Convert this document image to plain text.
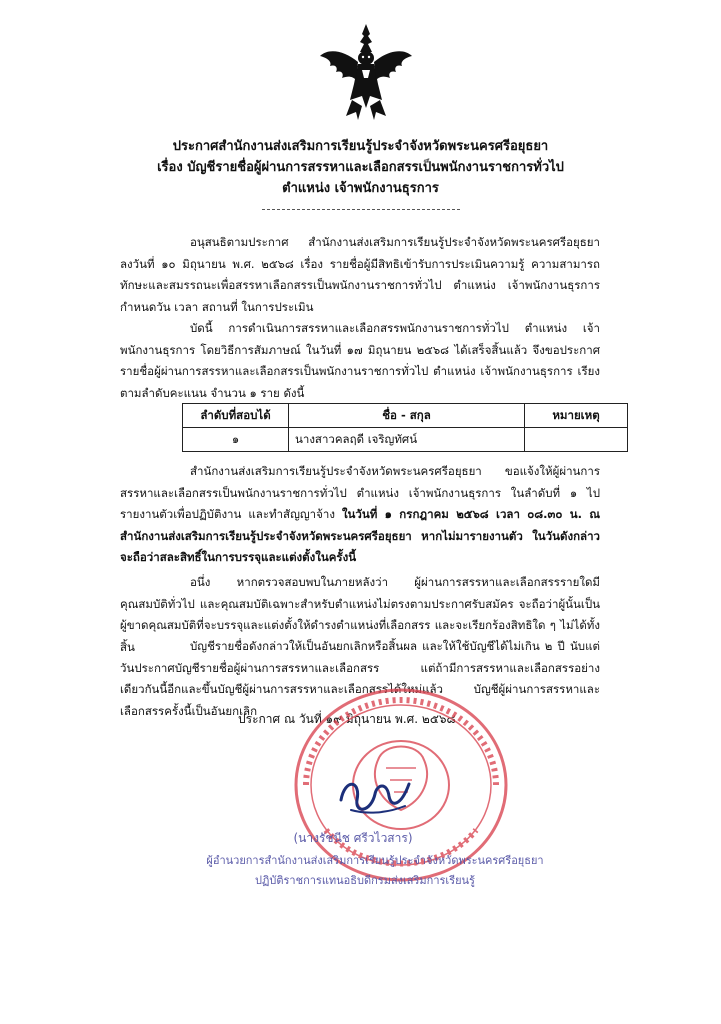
ประกาศสำนักงานส่งเสริมการเรียนรู้ประจำจังหวัดพระนครศรีอยุธยา
เรื่อง บัญชีรายชื่อผู้ผ่านการสรรหาและเลือกสรรเป็นพนักงานราชการทั่วไป
ตำแหน่ง เจ้าพนักงานธุรการ

อนุสนธิตามประกาศ สำนักงานส่งเสริมการเรียนรู้ประจำจังหวัดพระนครศรีอยุธยา ลงวันที่ ๑๐ มิถุนายน พ.ศ. ๒๕๖๘ เรื่อง รายชื่อผู้มีสิทธิเข้ารับการประเมินความรู้ ความสามารถทักษะและสมรรถนะเพื่อสรรหาเลือกสรรเป็นพนักงานราชการทั่วไป ตำแหน่ง เจ้าพนักงานธุรการ กำหนดวัน เวลา สถานที่ ในการประเมิน

บัดนี้ การดำเนินการสรรหาและเลือกสรรพนักงานราชการทั่วไป ตำแหน่ง เจ้าพนักงานธุรการ โดยวิธีการสัมภาษณ์ ในวันที่ ๑๗ มิถุนายน ๒๕๖๘ ได้เสร็จสิ้นแล้ว จึงขอประกาศรายชื่อผู้ผ่านการสรรหาและเลือกสรรเป็นพนักงานราชการทั่วไป ตำแหน่ง เจ้าพนักงานธุรการ เรียงตามลำดับคะแนน จำนวน ๑ ราย ดังนี้

ลำดับที่สอบได้	ชื่อ - สกุล	หมายเหตุ
๑	นางสาวคลฤดี เจริญทัศน์	

สำนักงานส่งเสริมการเรียนรู้ประจำจังหวัดพระนครศรีอยุธยา ขอแจ้งให้ผู้ผ่านการสรรหาและเลือกสรรเป็นพนักงานราชการทั่วไป ตำแหน่ง เจ้าพนักงานธุรการ ในลำดับที่ ๑ ไปรายงานตัวเพื่อปฏิบัติงาน และทำสัญญาจ้าง ในวันที่ ๑ กรกฎาคม ๒๕๖๘ เวลา ๐๘.๓๐ น. ณ สำนักงานส่งเสริมการเรียนรู้ประจำจังหวัดพระนครศรีอยุธยา หากไม่มารายงานตัว ในวันดังกล่าว จะถือว่าสละสิทธิ์ในการบรรจุและแต่งตั้งในครั้งนี้

อนึ่ง หากตรวจสอบพบในภายหลังว่า ผู้ผ่านการสรรหาและเลือกสรรรายใดมีคุณสมบัติทั่วไป และคุณสมบัติเฉพาะสำหรับตำแหน่งไม่ตรงตามประกาศรับสมัคร จะถือว่าผู้นั้นเป็นผู้ขาดคุณสมบัติที่จะบรรจุและแต่งตั้งให้ดำรงตำแหน่งที่เลือกสรร และจะเรียกร้องสิทธิใด ๆ ไม่ได้ทั้งสิ้น	บัญชีรายชื่อดังกล่าวให้เป็นอันยกเลิกหรือสิ้นผล และให้ใช้บัญชีได้ไม่เกิน ๒ ปี นับแต่วันประกาศบัญชีรายชื่อผู้ผ่านการสรรหาและเลือกสรร แต่ถ้ามีการสรรหาและเลือกสรรอย่างเดียวกันนี้อีกและขึ้นบัญชีผู้ผ่านการสรรหาและเลือกสรรได้ใหม่แล้ว บัญชีผู้ผ่านการสรรหาและเลือกสรรครั้งนี้เป็นอันยกเลิก

ประกาศ ณ วันที่ ๑๙ มิถุนายน พ.ศ. ๒๕๖๘
(นางรัชนีช ศรีวไวสาร)
ผู้อำนวยการสำนักงานส่งเสริมการเรียนรู้ประจำจังหวัดพระนครศรีอยุธยา
ปฏิบัติราชการแทนอธิบดีกรมส่งเสริมการเรียนรู้
